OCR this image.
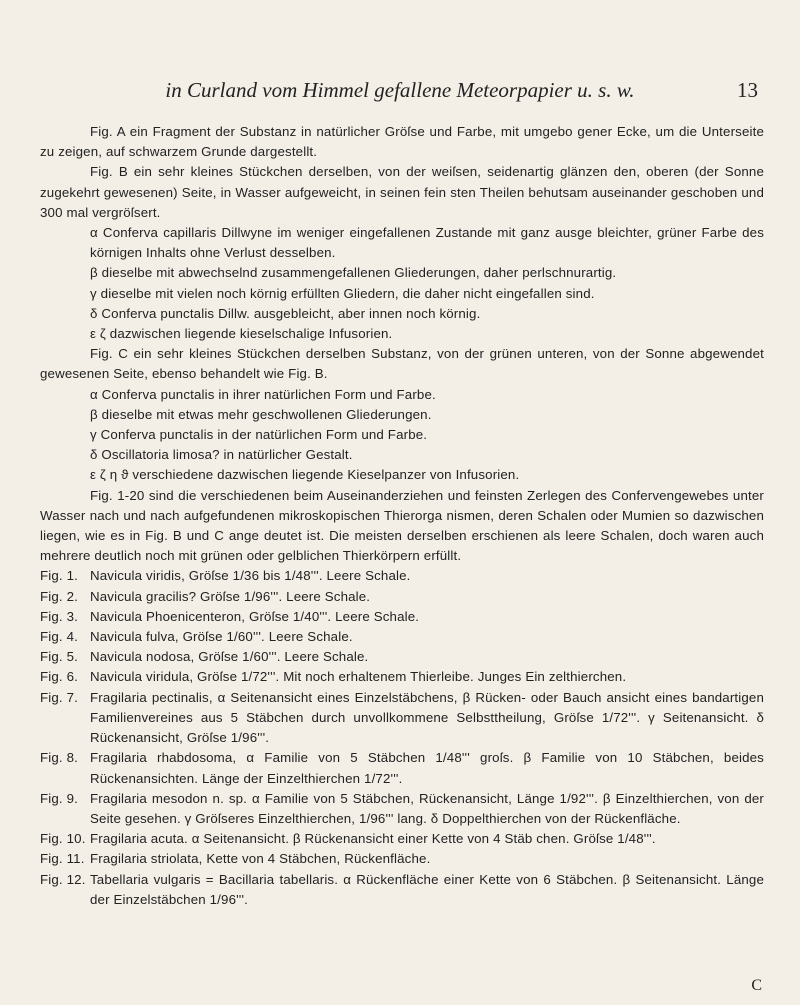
in Curland vom Himmel gefallene Meteorpapier u. s. w.	13

Fig. A ein Fragment der Substanz in natürlicher Gröſse und Farbe, mit umgebo gener Ecke, um die Unterseite zu zeigen, auf schwarzem Grunde dargestellt.

Fig. B ein sehr kleines Stückchen derselben, von der weiſsen, seidenartig glänzen den, oberen (der Sonne zugekehrt gewesenen) Seite, in Wasser aufgeweicht, in seinen fein sten Theilen behutsam auseinander geschoben und 300 mal vergröſsert.

α Conferva capillaris Dillwyne im weniger eingefallenen Zustande mit ganz ausge bleichter, grüner Farbe des körnigen Inhalts ohne Verlust desselben.

β dieselbe mit abwechselnd zusammengefallenen Gliederungen, daher perlschnurartig.

γ dieselbe mit vielen noch körnig erfüllten Gliedern, die daher nicht eingefallen sind.

δ Conferva punctalis Dillw. ausgebleicht, aber innen noch körnig.

ε ζ dazwischen liegende kieselschalige Infusorien.

Fig. C ein sehr kleines Stückchen derselben Substanz, von der grünen unteren, von der Sonne abgewendet gewesenen Seite, ebenso behandelt wie Fig. B.

α Conferva punctalis in ihrer natürlichen Form und Farbe.

β dieselbe mit etwas mehr geschwollenen Gliederungen.

γ Conferva punctalis in der natürlichen Form und Farbe.

δ Oscillatoria limosa? in natürlicher Gestalt.

ε ζ η ϑ verschiedene dazwischen liegende Kieselpanzer von Infusorien.

Fig. 1-20 sind die verschiedenen beim Auseinanderziehen und feinsten Zerlegen des Confervengewebes unter Wasser nach und nach aufgefundenen mikroskopischen Thierorga nismen, deren Schalen oder Mumien so dazwischen liegen, wie es in Fig. B und C ange deutet ist. Die meisten derselben erschienen als leere Schalen, doch waren auch mehrere deutlich noch mit grünen oder gelblichen Thierkörpern erfüllt.

Fig. 1. Navicula viridis, Gröſse 1/36 bis 1/48'''. Leere Schale.

Fig. 2. Navicula gracilis? Gröſse 1/96'''. Leere Schale.

Fig. 3. Navicula Phoenicenteron, Gröſse 1/40'''. Leere Schale.

Fig. 4. Navicula fulva, Gröſse 1/60'''. Leere Schale.

Fig. 5. Navicula nodosa, Gröſse 1/60'''. Leere Schale.

Fig. 6. Navicula viridula, Gröſse 1/72'''. Mit noch erhaltenem Thierleibe. Junges Ein zelthierchen.

Fig. 7. Fragilaria pectinalis, α Seitenansicht eines Einzelstäbchens, β Rücken- oder Bauch ansicht eines bandartigen Familienvereines aus 5 Stäbchen durch unvollkommene Selbsttheilung, Gröſse 1/72'''. γ Seitenansicht. δ Rückenansicht, Gröſse 1/96'''.

Fig. 8. Fragilaria rhabdosoma, α Familie von 5 Stäbchen 1/48''' groſs. β Familie von 10 Stäbchen, beides Rückenansichten. Länge der Einzelthierchen 1/72'''.

Fig. 9. Fragilaria mesodon n. sp. α Familie von 5 Stäbchen, Rückenansicht, Länge 1/92'''. β Einzelthierchen, von der Seite gesehen. γ Gröſseres Einzelthierchen, 1/96''' lang. δ Doppelthierchen von der Rückenfläche.

Fig. 10. Fragilaria acuta. α Seitenansicht. β Rückenansicht einer Kette von 4 Stäb chen. Gröſse 1/48'''.

Fig. 11. Fragilaria striolata, Kette von 4 Stäbchen, Rückenfläche.

Fig. 12. Tabellaria vulgaris = Bacillaria tabellaris. α Rückenfläche einer Kette von 6 Stäbchen. β Seitenansicht. Länge der Einzelstäbchen 1/96'''.

C
